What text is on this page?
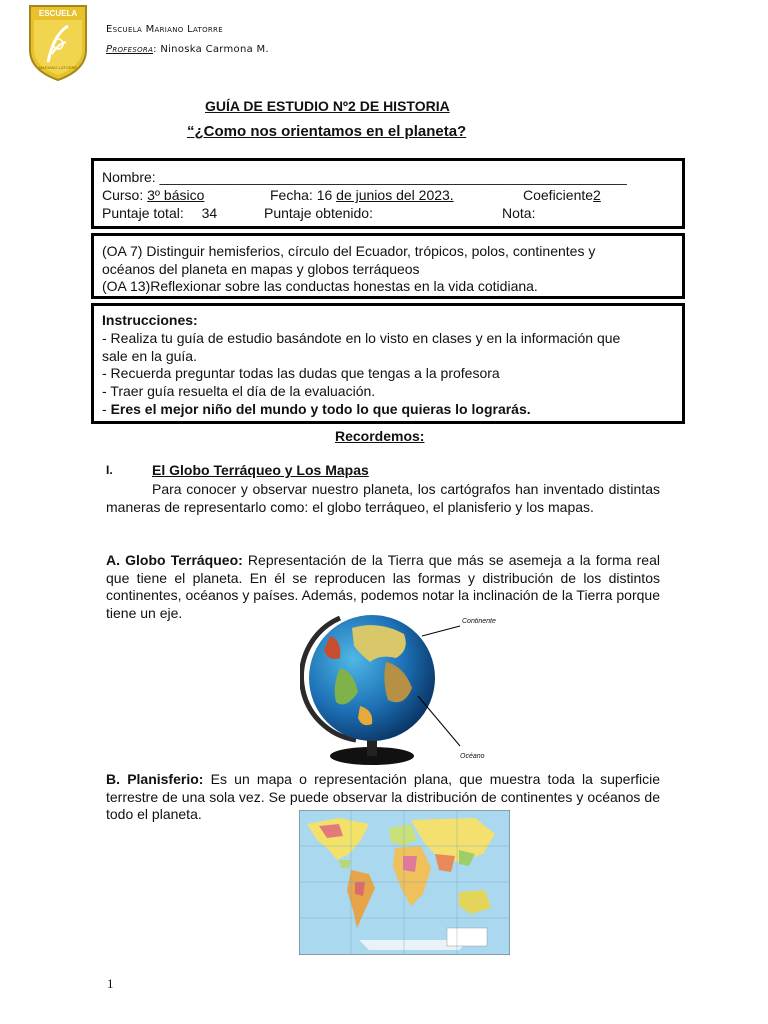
ESCUELA
MARIANO LATORRE
Escuela Mariano Latorre
Profesora: Ninoska Carmona M.
GUÍA DE ESTUDIO Nº2 DE HISTORIA
“¿Como nos orientamos en el planeta?
Nombre: ____________________________________________________________
Curso: 3º básico	Fecha: 16 de junios del 2023.	Coeficiente2
Puntaje total: 34	Puntaje obtenido:	Nota:
(OA 7) Distinguir hemisferios, círculo del Ecuador, trópicos, polos, continentes y
océanos del planeta en mapas y globos terráqueos
(OA 13)Reflexionar sobre las conductas honestas en la vida cotidiana.
Instrucciones:
- Realiza tu guía de estudio basándote en lo visto en clases y en la información que
sale en la guía.
- Recuerda preguntar todas las dudas que tengas a la profesora
- Traer guía resuelta el día de la evaluación.
- Eres el mejor niño del mundo y todo lo que quieras lo lograrás.
Recordemos:
I.	El Globo Terráqueo y Los Mapas
Para conocer y observar nuestro planeta, los cartógrafos han inventado distintas maneras de representarlo como: el globo terráqueo, el planisferio y los mapas.
A. Globo Terráqueo: Representación de la Tierra que más se asemeja a la forma real que tiene el planeta. En él se reproducen las formas y distribución de los distintos continentes, océanos y países. Además, podemos notar la inclinación de la Tierra porque tiene un eje.
Continente
Océano
B. Planisferio: Es un mapa o representación plana, que muestra toda la superficie terrestre de una sola vez. Se puede observar la distribución de continentes y océanos de todo el planeta.
1
